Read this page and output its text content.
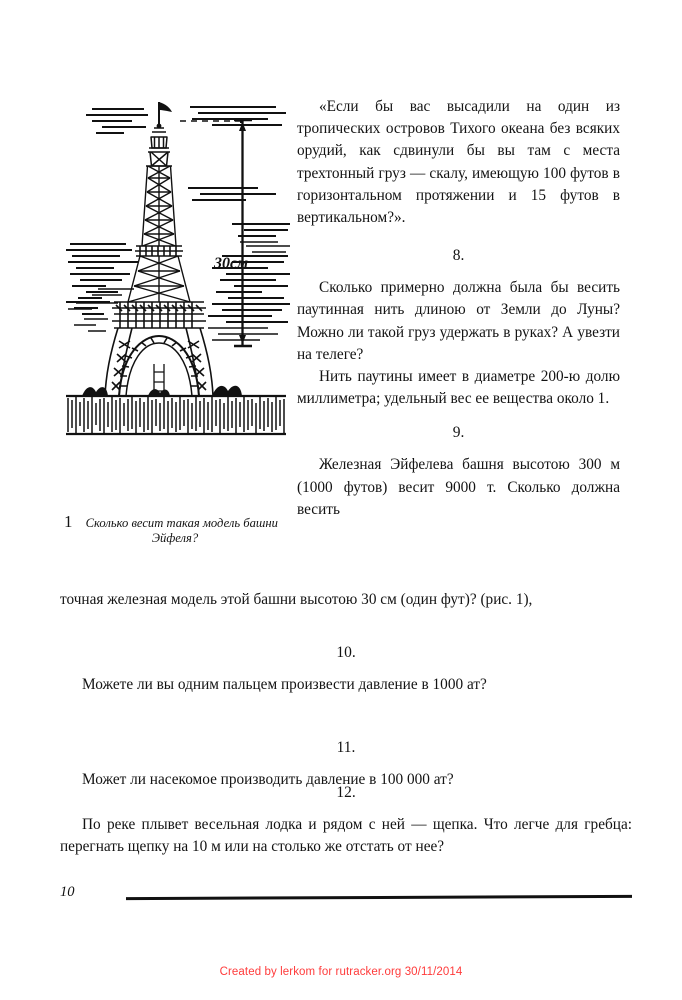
30см
1 Сколько весит такая модель башни Эйфеля?

«Если бы вас высадили на один из тропических островов Тихого океана без всяких орудий, как сдвинули бы вы там с места трехтонный груз — скалу, имеющую 100 футов в горизонтальном протяжении и 15 футов в вертикальном?».

8.

Сколько примерно должна была бы весить паутинная нить длиною от Земли до Луны? Можно ли такой груз удержать в руках? А увезти на телеге?

Нить паутины имеет в диаметре 200-ю долю миллиметра; удельный вес ее вещества около 1.

9.

Железная Эйфелева башня высотою 300 м (1000 футов) весит 9000 т. Сколько должна весить

точная железная модель этой башни высотою 30 см (один фут)? (рис. 1),

10.

Можете ли вы одним пальцем произвести давление в 1000 ат?

11.

Может ли насекомое производить давление в 100 000 ат?

12.

По реке плывет весельная лодка и рядом с ней — щепка. Что легче для гребца: перегнать щепку на 10 м или на столько же отстать от нее?

10
Created by lerkom for rutracker.org 30/11/2014
